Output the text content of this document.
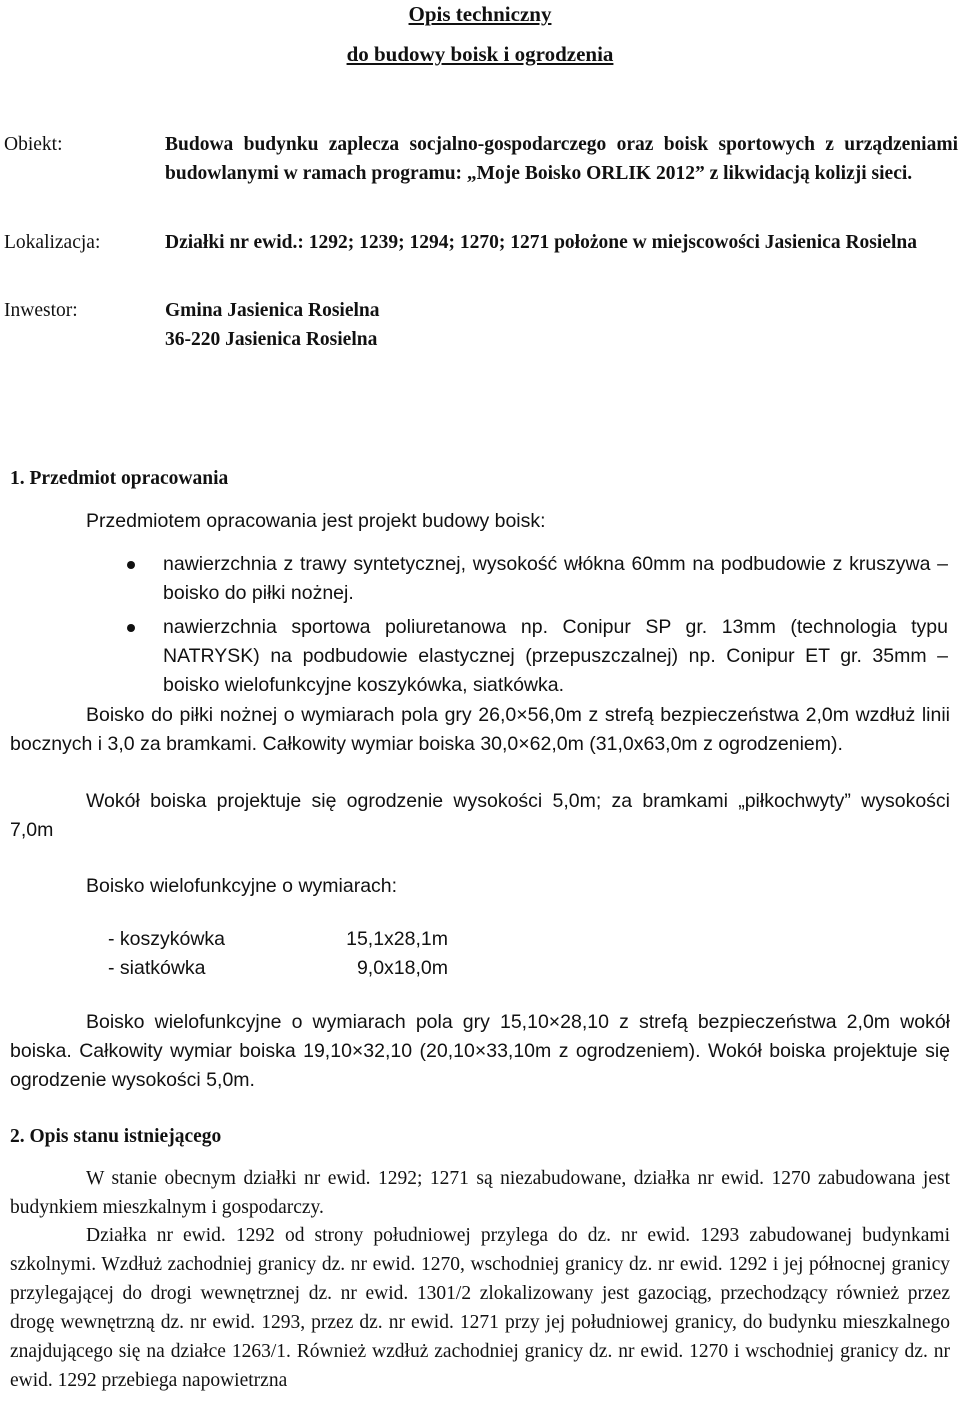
Opis techniczny
do budowy boisk i ogrodzenia
Obiekt:	Budowa budynku zaplecza socjalno-gospodarczego oraz boisk sportowych z urządzeniami budowlanymi w ramach programu: „Moje Boisko ORLIK 2012” z likwidacją kolizji sieci.
Lokalizacja:	Działki nr ewid.: 1292; 1239; 1294; 1270; 1271 położone w miejscowości Jasienica Rosielna
Inwestor:	Gmina Jasienica Rosielna
36-220 Jasienica Rosielna
1. Przedmiot opracowania
Przedmiotem opracowania jest projekt budowy boisk:
nawierzchnia z trawy syntetycznej, wysokość włókna 60mm na podbudowie z kruszywa – boisko do piłki nożnej.
nawierzchnia sportowa poliuretanowa np. Conipur SP gr. 13mm (technologia typu NATRYSK) na podbudowie elastycznej (przepuszczalnej) np. Conipur ET gr. 35mm – boisko wielofunkcyjne koszykówka, siatkówka.
Boisko do piłki nożnej o wymiarach pola gry 26,0×56,0m z strefą bezpieczeństwa 2,0m wzdłuż linii bocznych i 3,0 za bramkami. Całkowity wymiar boiska 30,0×62,0m (31,0x63,0m z ogrodzeniem).
Wokół boiska projektuje się ogrodzenie wysokości 5,0m; za bramkami „piłkochwyty” wysokości 7,0m
Boisko wielofunkcyjne o wymiarach:
- koszykówka	15,1x28,1m
- siatkówka	9,0x18,0m
Boisko wielofunkcyjne o wymiarach pola gry 15,10×28,10 z strefą bezpieczeństwa 2,0m wokół boiska. Całkowity wymiar boiska 19,10×32,10 (20,10×33,10m z ogrodzeniem). Wokół boiska projektuje się ogrodzenie wysokości 5,0m.
2. Opis stanu istniejącego
W stanie obecnym działki nr ewid. 1292; 1271 są niezabudowane, działka nr ewid. 1270 zabudowana jest budynkiem mieszkalnym i gospodarczy.
Działka nr ewid. 1292 od strony południowej przylega do dz. nr ewid. 1293 zabudowanej budynkami szkolnymi. Wzdłuż zachodniej granicy dz. nr ewid. 1270, wschodniej granicy dz. nr ewid. 1292 i jej północnej granicy przylegającej do drogi wewnętrznej dz. nr ewid. 1301/2 zlokalizowany jest gazociąg, przechodzący również przez drogę wewnętrzną dz. nr ewid. 1293, przez dz. nr ewid. 1271 przy jej południowej granicy, do budynku mieszkalnego znajdującego się na działce 1263/1. Również wzdłuż zachodniej granicy dz. nr ewid. 1270 i wschodniej granicy dz. nr ewid. 1292 przebiega napowietrzna
